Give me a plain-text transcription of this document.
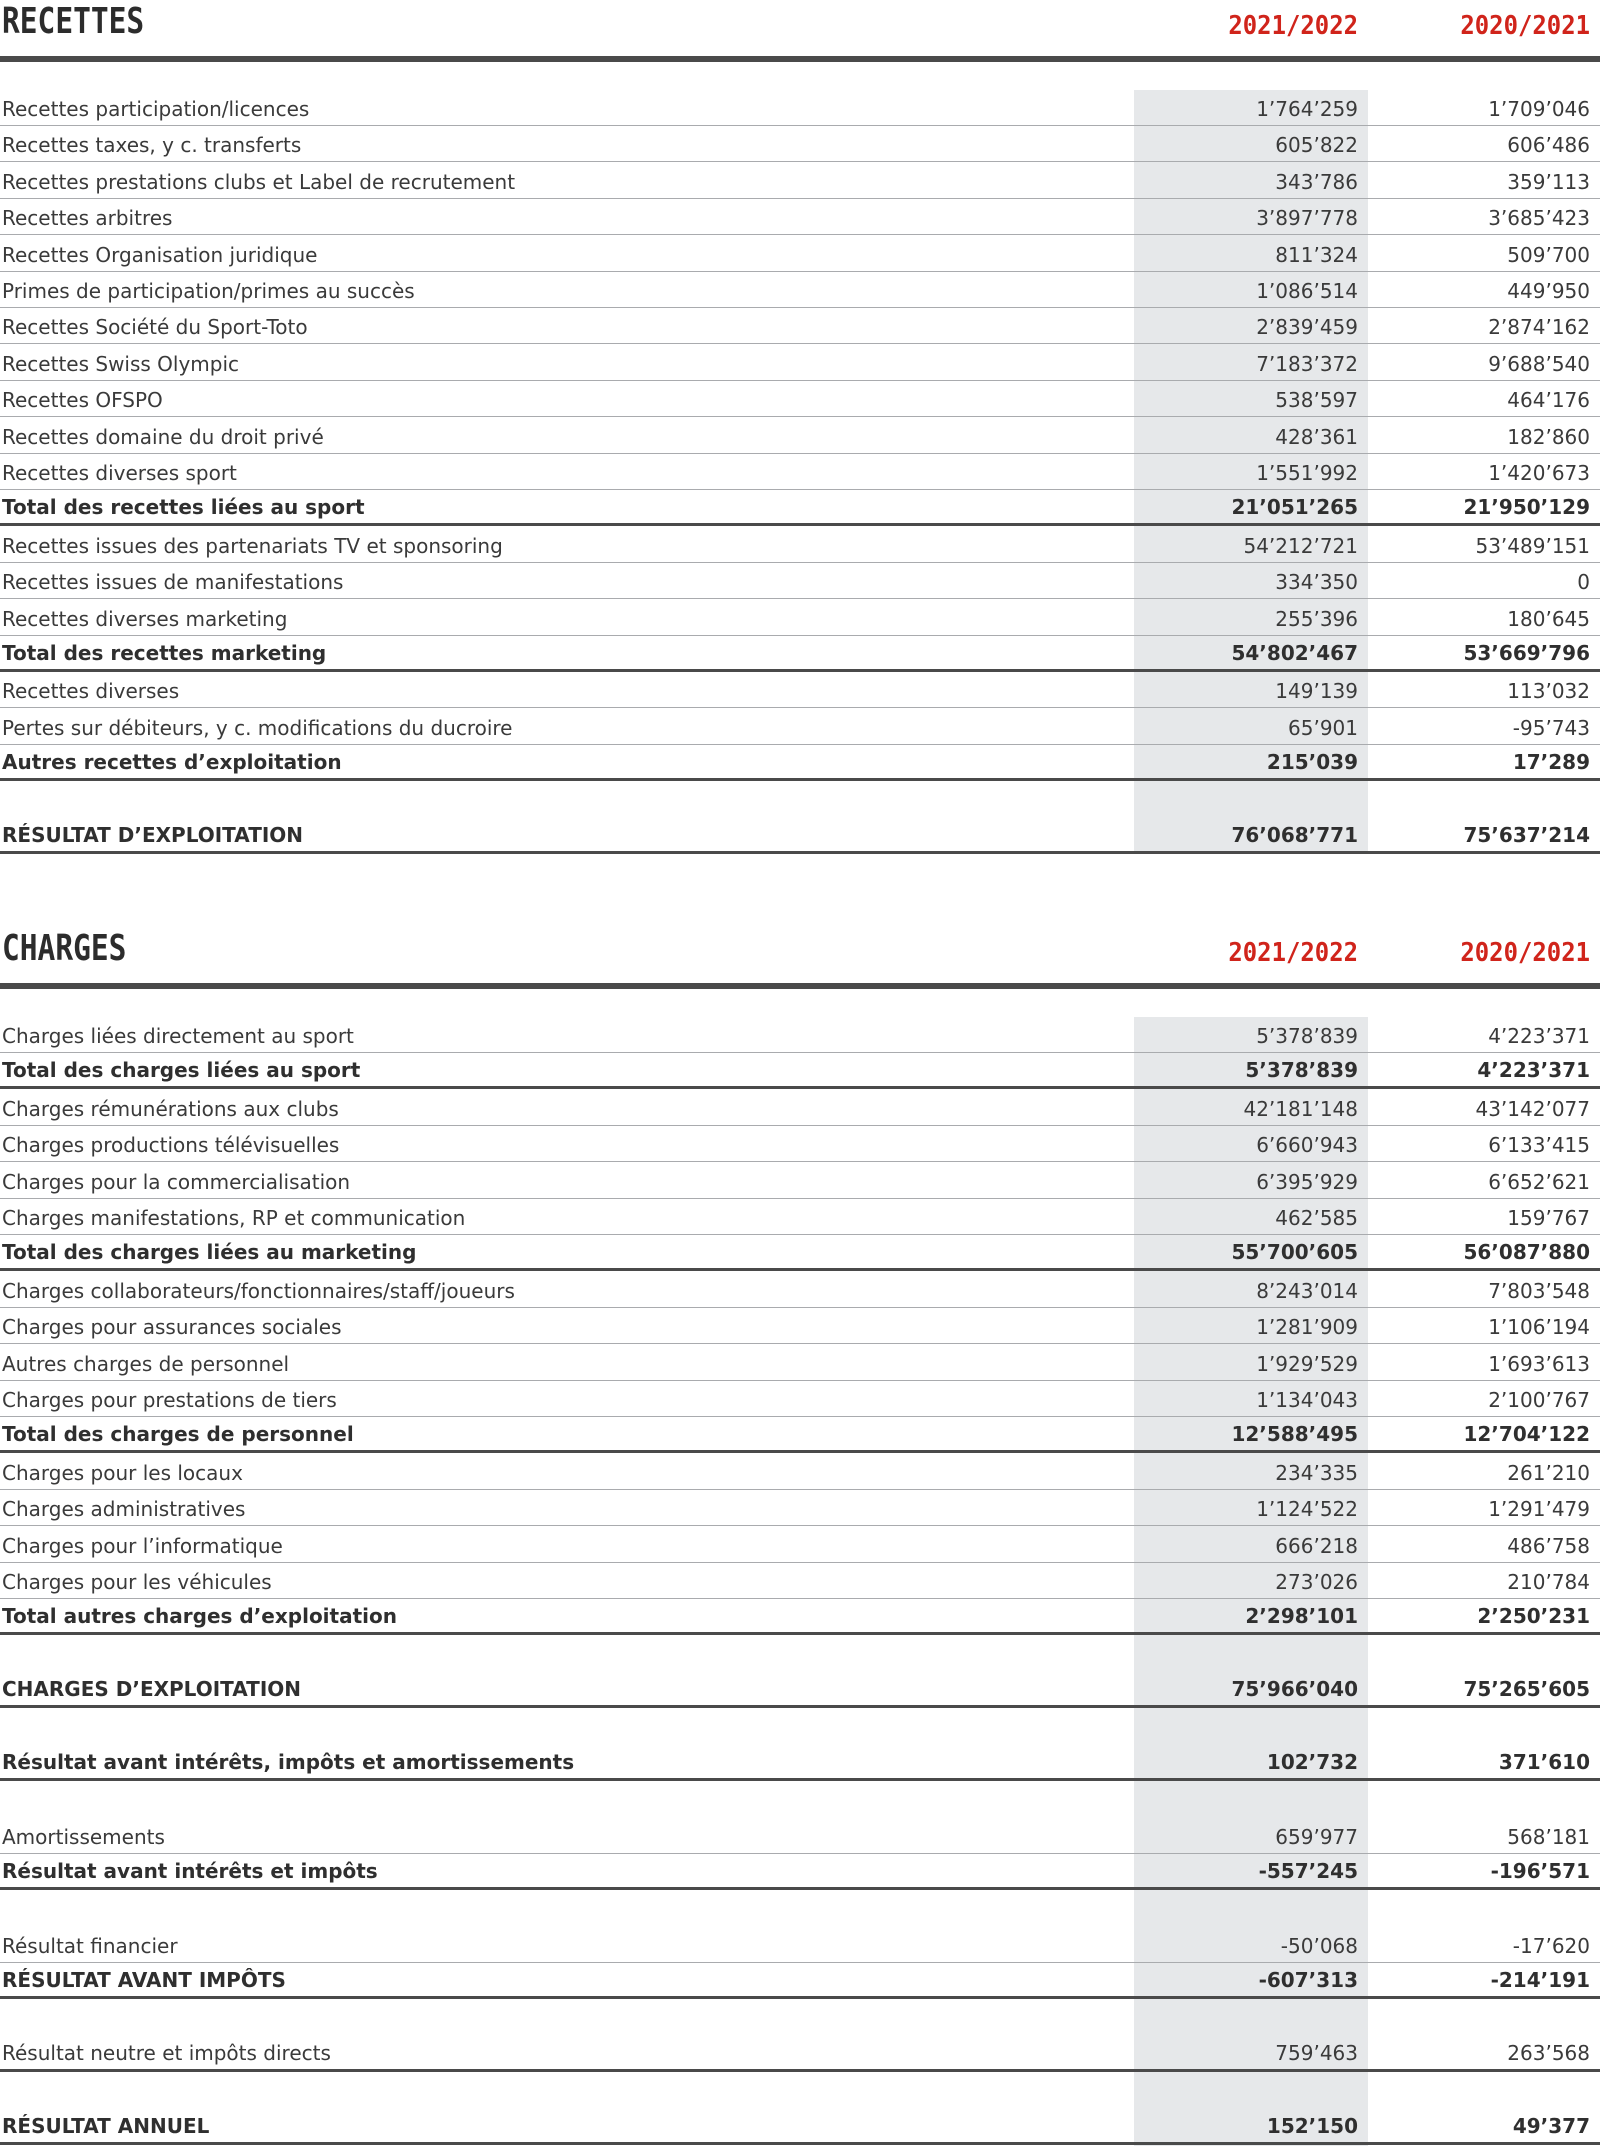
RECETTES	2021/2022	2020/2021
Recettes participation/licences	1’764’259	1’709’046
Recettes taxes, y c. transferts	605’822	606’486
Recettes prestations clubs et Label de recrutement	343’786	359’113
Recettes arbitres	3’897’778	3’685’423
Recettes Organisation juridique	811’324	509’700
Primes de participation/primes au succès	1’086’514	449’950
Recettes Société du Sport-Toto	2’839’459	2’874’162
Recettes Swiss Olympic	7’183’372	9’688’540
Recettes OFSPO	538’597	464’176
Recettes domaine du droit privé	428’361	182’860
Recettes diverses sport	1’551’992	1’420’673
Total des recettes liées au sport	21’051’265	21’950’129
Recettes issues des partenariats TV et sponsoring	54’212’721	53’489’151
Recettes issues de manifestations	334’350	0
Recettes diverses marketing	255’396	180’645
Total des recettes marketing	54’802’467	53’669’796
Recettes diverses	149’139	113’032
Pertes sur débiteurs, y c. modifications du ducroire	65’901	-95’743
Autres recettes d’exploitation	215’039	17’289
RÉSULTAT D’EXPLOITATION	76’068’771	75’637’214
CHARGES	2021/2022	2020/2021
Charges liées directement au sport	5’378’839	4’223’371
Total des charges liées au sport	5’378’839	4’223’371
Charges rémunérations aux clubs	42’181’148	43’142’077
Charges productions télévisuelles	6’660’943	6’133’415
Charges pour la commercialisation	6’395’929	6’652’621
Charges manifestations, RP et communication	462’585	159’767
Total des charges liées au marketing	55’700’605	56’087’880
Charges collaborateurs/fonctionnaires/staff/joueurs	8’243’014	7’803’548
Charges pour assurances sociales	1’281’909	1’106’194
Autres charges de personnel	1’929’529	1’693’613
Charges pour prestations de tiers	1’134’043	2’100’767
Total des charges de personnel	12’588’495	12’704’122
Charges pour les locaux	234’335	261’210
Charges administratives	1’124’522	1’291’479
Charges pour l’informatique	666’218	486’758
Charges pour les véhicules	273’026	210’784
Total autres charges d’exploitation	2’298’101	2’250’231
CHARGES D’EXPLOITATION	75’966’040	75’265’605
Résultat avant intérêts, impôts et amortissements	102’732	371’610
Amortissements	659’977	568’181
Résultat avant intérêts et impôts	-557’245	-196’571
Résultat financier	-50’068	-17’620
RÉSULTAT AVANT IMPÔTS	-607’313	-214’191
Résultat neutre et impôts directs	759’463	263’568
RÉSULTAT ANNUEL	152’150	49’377
